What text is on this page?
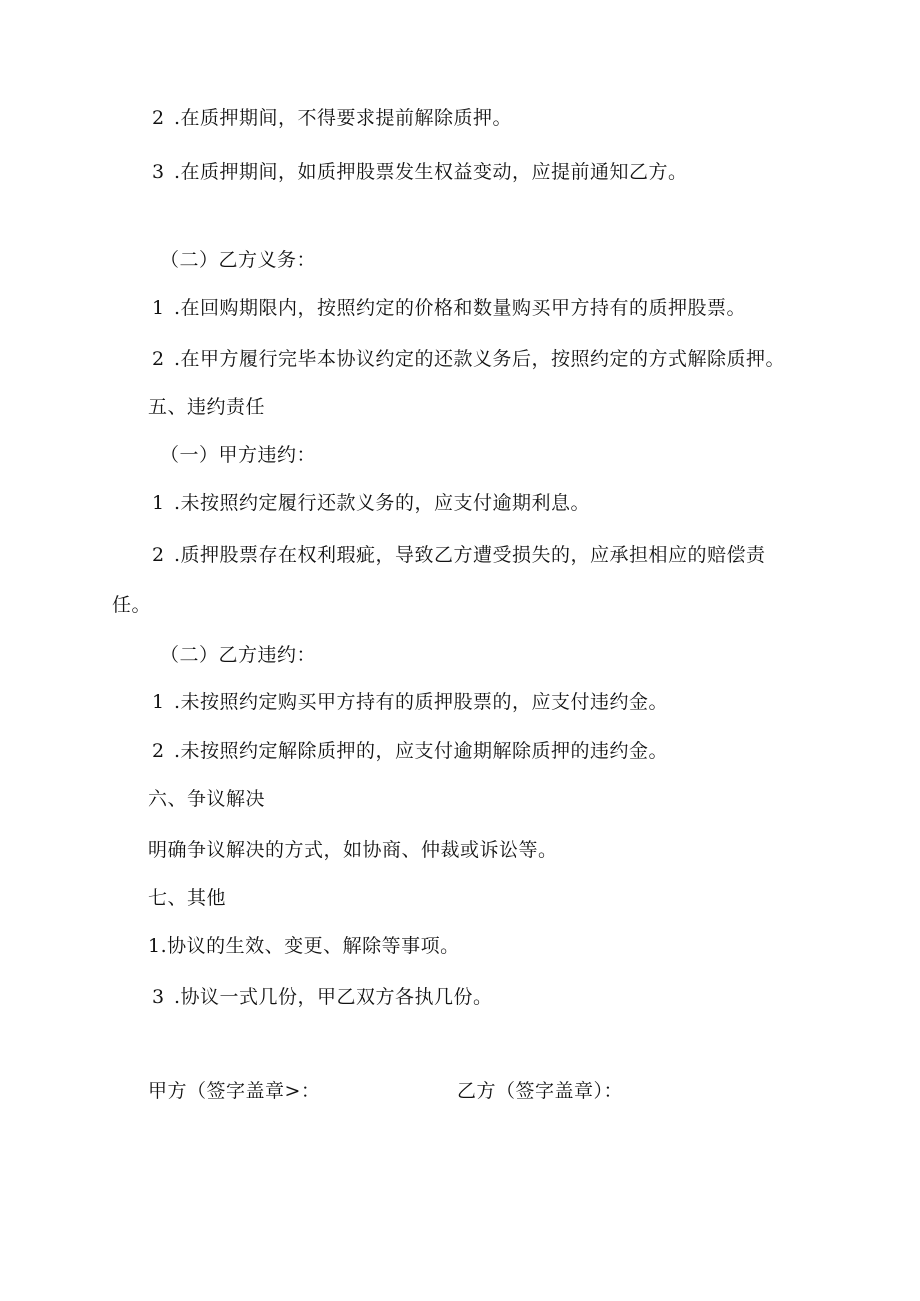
2 .在质押期间，不得要求提前解除质押。
3 .在质押期间，如质押股票发生权益变动，应提前通知乙方。
（二）乙方义务：
1 .在回购期限内，按照约定的价格和数量购买甲方持有的质押股票。
2 .在甲方履行完毕本协议约定的还款义务后，按照约定的方式解除质押。
五、违约责任
（一）甲方违约：
1 .未按照约定履行还款义务的，应支付逾期利息。
2 .质押股票存在权利瑕疵，导致乙方遭受损失的，应承担相应的赔偿责
任。
（二）乙方违约：
1 .未按照约定购买甲方持有的质押股票的，应支付违约金。
2 .未按照约定解除质押的，应支付逾期解除质押的违约金。
六、争议解决
明确争议解决的方式，如协商、仲裁或诉讼等。
七、其他
1.协议的生效、变更、解除等事项。
3 .协议一式几份，甲乙双方各执几份。
甲方（签字盖章>：	乙方（签字盖章）：
